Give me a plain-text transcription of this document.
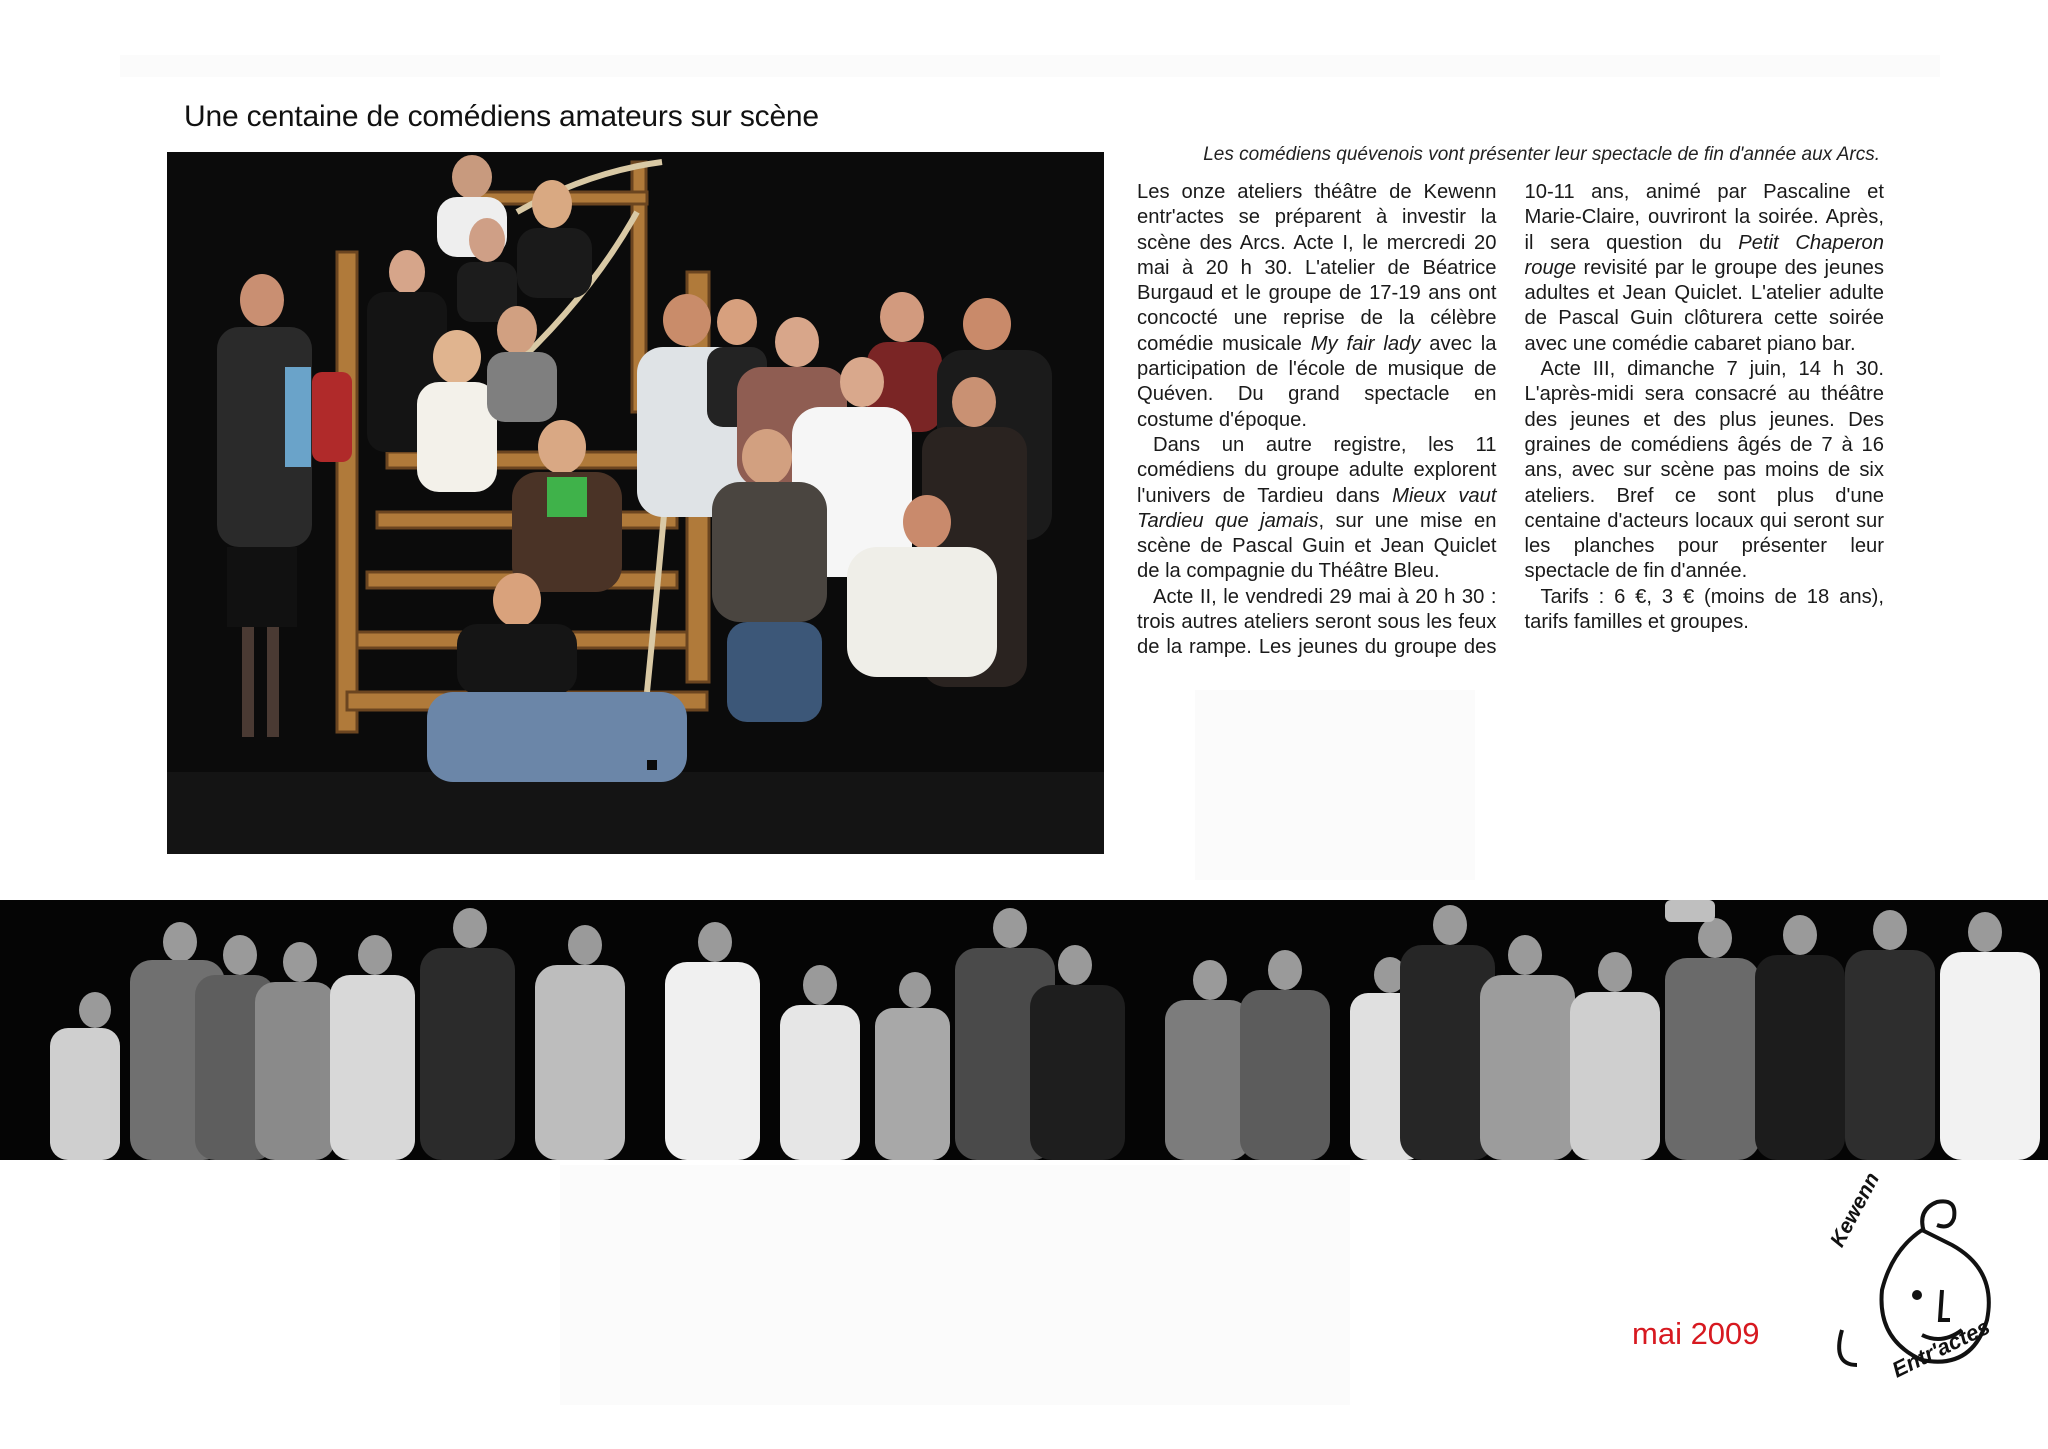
Une centaine de comédiens amateurs sur scène
Les comédiens quévenois vont présenter leur spectacle de fin d'année aux Arcs.

Les onze ateliers théâtre de Kewenn entr'actes se préparent à investir la scène des Arcs. Acte I, le mercredi 20 mai à 20 h 30. L'atelier de Béatrice Burgaud et le groupe de 17-19 ans ont concocté une reprise de la célèbre comédie musicale My fair lady avec la participation de l'école de musique de Quéven. Du grand spectacle en costume d'époque.

Dans un autre registre, les 11 comédiens du groupe adulte explorent l'univers de Tardieu dans Mieux vaut Tardieu que jamais, sur une mise en scène de Pascal Guin et Jean Quiclet de la compagnie du Théâtre Bleu.

Acte II, le vendredi 29 mai à 20 h 30 : trois autres ateliers seront sous les feux de la rampe. Les jeunes du groupe des 10-11 ans, animé par Pascaline et Marie-Claire, ouvriront la soirée. Après, il sera question du Petit Chaperon rouge revisité par le groupe des jeunes adultes et Jean Quiclet. L'atelier adulte de Pascal Guin clôturera cette soirée avec une comédie cabaret piano bar.

Acte III, dimanche 7 juin, 14 h 30. L'après-midi sera consacré au théâtre des jeunes et des plus jeunes. Des graines de comédiens âgés de 7 à 16 ans, avec sur scène pas moins de six ateliers. Bref ce sont plus d'une centaine d'acteurs locaux qui seront sur les planches pour présenter leur spectacle de fin d'année.

Tarifs : 6 €, 3 € (moins de 18 ans), tarifs familles et groupes.

mai 2009
Kewenn
Entr'actes
